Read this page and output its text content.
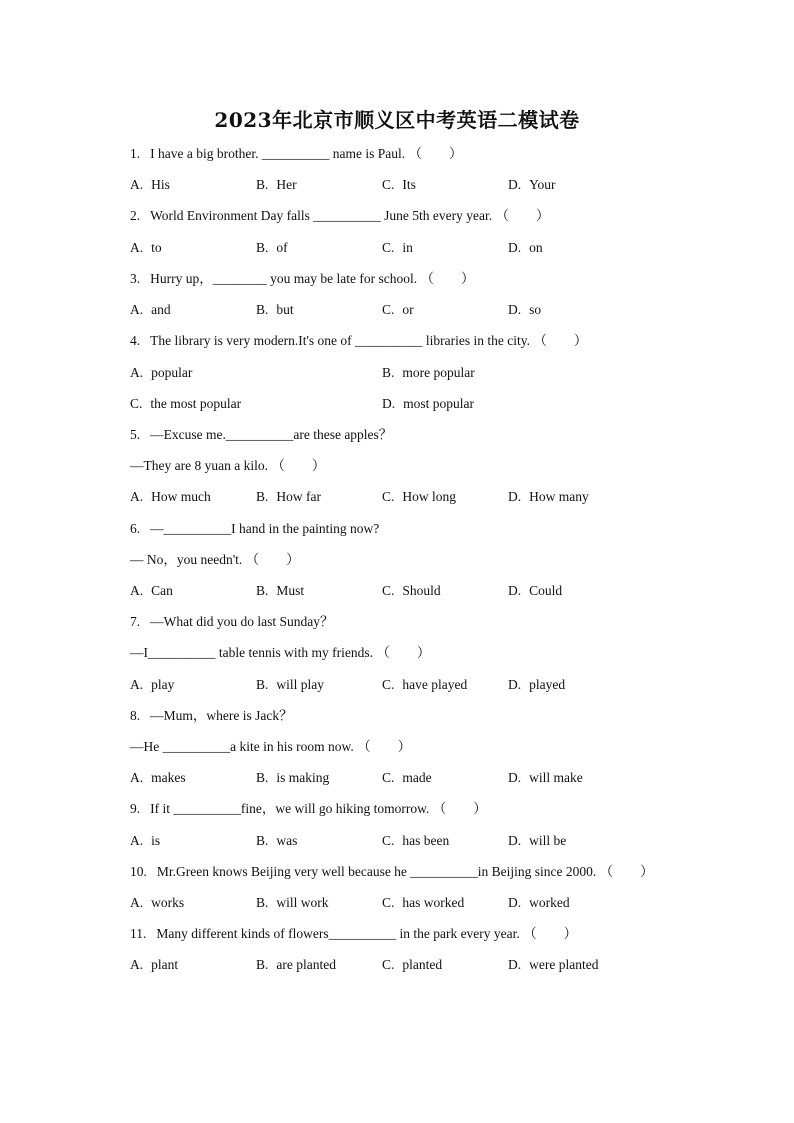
2023年北京市顺义区中考英语二模试卷
1. I have a big brother. __________ name is Paul. （　　）
A. His	B. Her	C. Its	D. Your
2. World Environment Day falls __________ June 5th every year. （　　）
A. to	B. of	C. in	D. on
3. Hurry up，________ you may be late for school. （　　）
A. and	B. but	C. or	D. so
4. The library is very modern.It's one of __________ libraries in the city. （　　）
A. popular	B. more popular
C. the most popular	D. most popular
5. —Excuse me.__________are these apples？
—They are 8 yuan a kilo. （　　）
A. How much	B. How far	C. How long	D. How many
6. —__________I hand in the painting now?
— No，you needn't. （　　）
A. Can	B. Must	C. Should	D. Could
7. —What did you do last Sunday？
—I__________ table tennis with my friends. （　　）
A. play	B. will play	C. have played	D. played
8. —Mum，where is Jack？
—He __________a kite in his room now. （　　）
A. makes	B. is making	C. made	D. will make
9. If it __________fine，we will go hiking tomorrow. （　　）
A. is	B. was	C. has been	D. will be
10. Mr.Green knows Beijing very well because he __________in Beijing since 2000. （　　）
A. works	B. will work	C. has worked	D. worked
11. Many different kinds of flowers__________ in the park every year. （　　）
A. plant	B. are planted	C. planted	D. were planted
